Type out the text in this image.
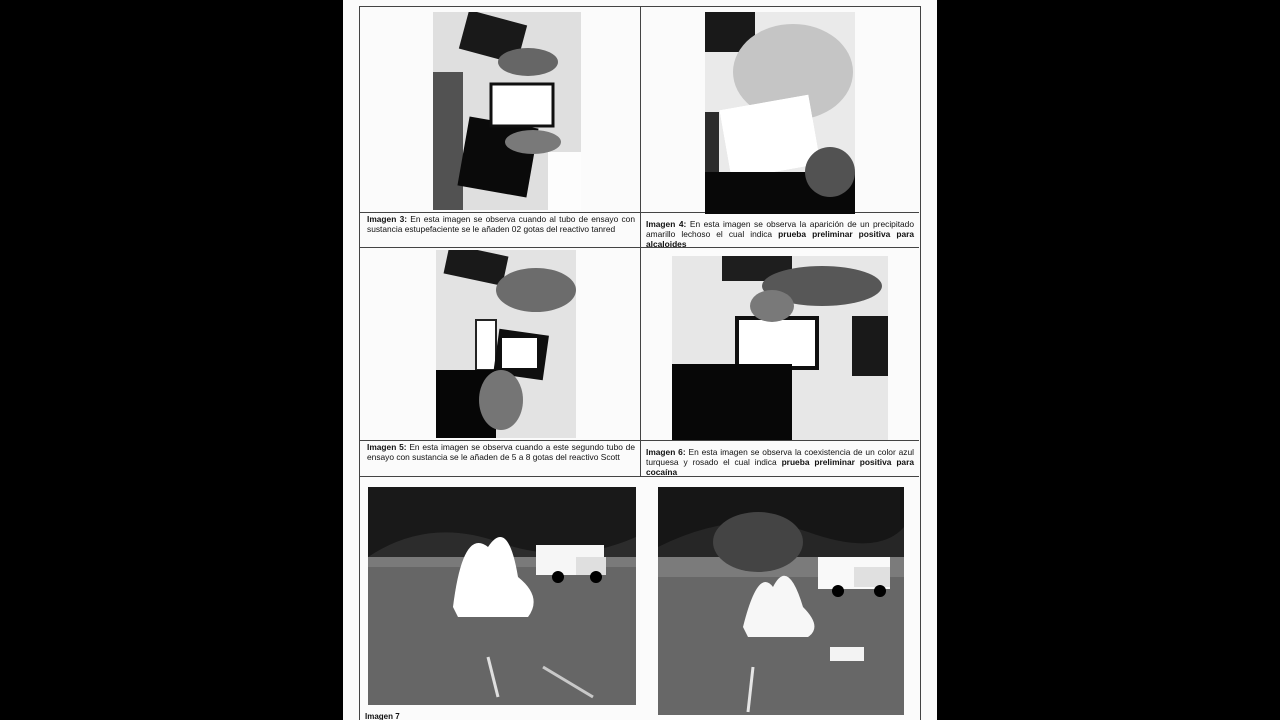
Imagen 3: En esta imagen se observa cuando al tubo de ensayo con sustancia estupefaciente se le añaden 02 gotas del reactivo tanred	Imagen 4: En esta imagen se observa la aparición de un precipitado amarillo lechoso el cual indica prueba preliminar positiva para alcaloides
Imagen 5: En esta imagen se observa cuando a este segundo tubo de ensayo con sustancia se le añaden de 5 a 8 gotas del reactivo Scott	Imagen 6: En esta imagen se observa la coexistencia de un color azul turquesa y rosado el cual indica prueba preliminar positiva para cocaína
Imagen 7
